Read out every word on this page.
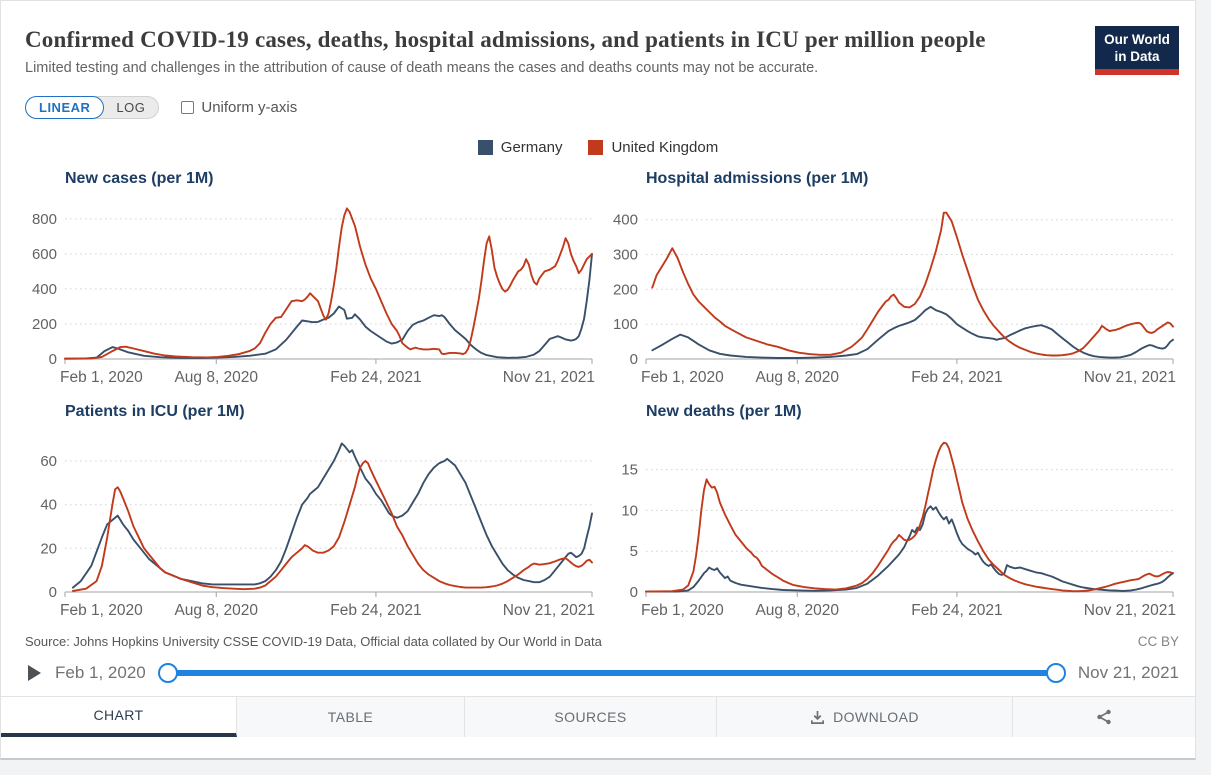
Confirmed COVID-19 cases, deaths, hospital admissions, and patients in ICU per million people
Limited testing and challenges in the attribution of cause of death means the cases and deaths counts may not be accurate.
Our World
in Data
LINEAR	LOG	Uniform y-axis
Germany	United Kingdom
New cases (per 1M)
0
200
400
600
800
Feb 1, 2020 Aug 8, 2020	Feb 24, 2021	Nov 21, 2021
Hospital admissions (per 1M)
0
100
200
300
400
Feb 1, 2020 Aug 8, 2020	Feb 24, 2021	Nov 21, 2021
Patients in ICU (per 1M)
0
20
40
60
Feb 1, 2020 Aug 8, 2020	Feb 24, 2021	Nov 21, 2021
New deaths (per 1M)
0
5
10
15
Feb 1, 2020 Aug 8, 2020	Feb 24, 2021	Nov 21, 2021
Source: Johns Hopkins University CSSE COVID-19 Data, Official data collated by Our World in Data	CC BY
Feb 1, 2020	Nov 21, 2021
CHART	TABLE	SOURCES	DOWNLOAD
